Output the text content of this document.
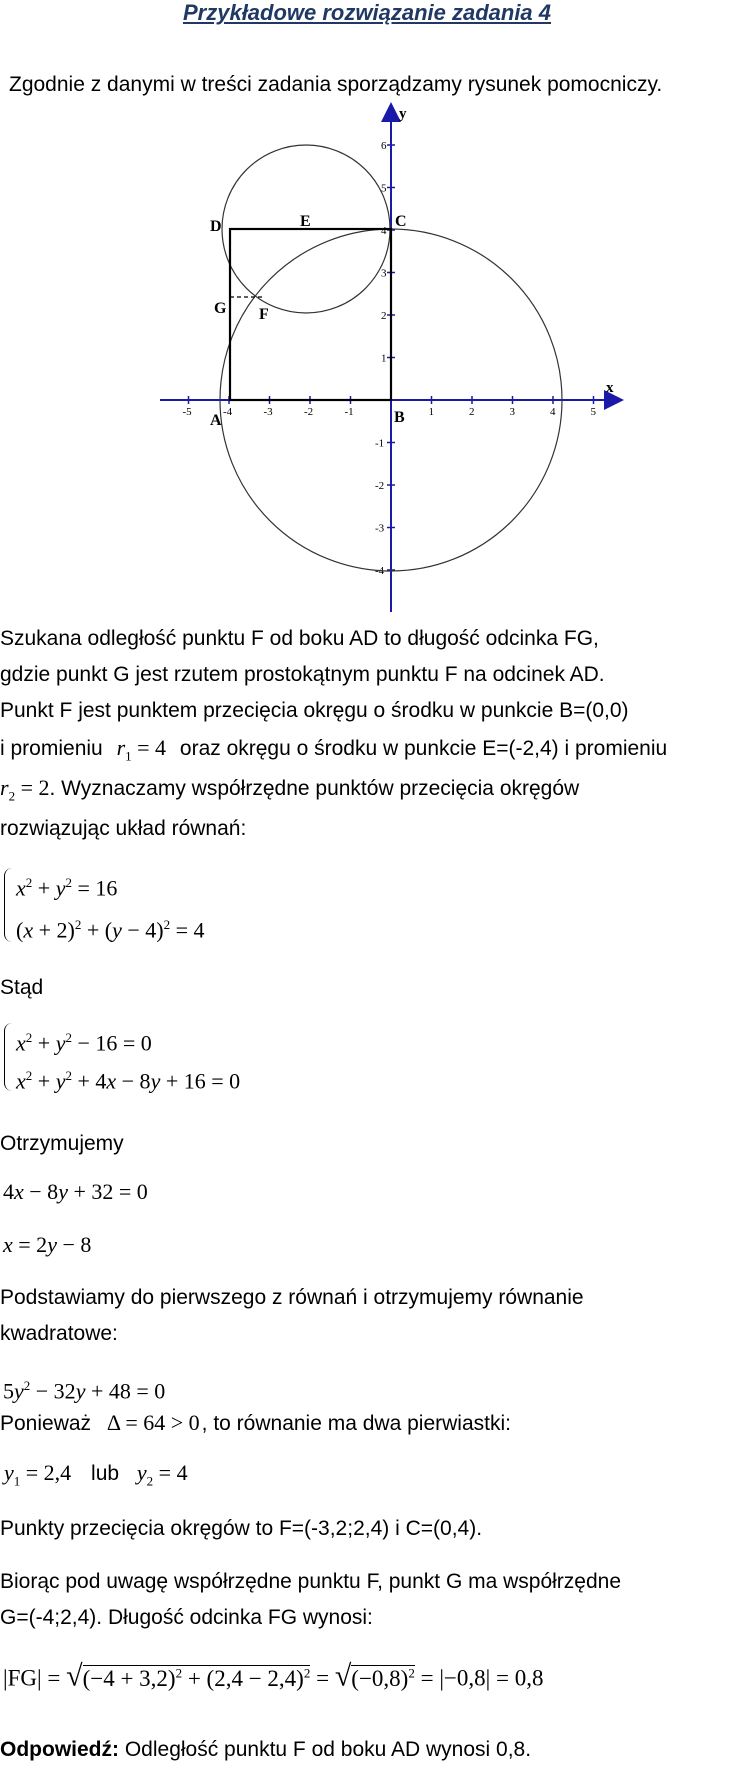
Przykładowe rozwiązanie zadania 4
Zgodnie z danymi w treści zadania sporządzamy rysunek pomocniczy.
-5	-4	-3	-2	-1	1	2	3	4	5
6
5
4
3
2
1
-1
-2
-3
-4
x
y
A	B
C
D	E
F
G
Szukana odległość punktu F od boku AD to długość odcinka FG,
gdzie punkt G jest rzutem prostokątnym punktu F na odcinek AD.
Punkt F jest punktem przecięcia okręgu o środku w punkcie B=(0,0)
i promieniu $r_1 = 4$ oraz okręgu o środku w punkcie E=(-2,4) i promieniu
$r_2 = 2$. Wyznaczamy współrzędne punktów przecięcia okręgów
rozwiązując układ równań:
$x^2 + y^2 = 16$
$(x + 2)^2 + (y - 4)^2 = 4$
Stąd
$x^2 + y^2 - 16 = 0$
$x^2 + y^2 + 4x - 8y + 16 = 0$
Otrzymujemy
4x − 8y + 32 = 0
x = 2y − 8
Podstawiamy do pierwszego z równań i otrzymujemy równanie
kwadratowe:
$5y^2 - 32y + 48 = 0$
Ponieważ Δ = 64 > 0, to równanie ma dwa pierwiastki:
$y_1 = 2,4$ lub $y_2 = 4$
Punkty przecięcia okręgów to F=(-3,2;2,4) i C=(0,4).
Biorąc pod uwagę współrzędne punktu F, punkt G ma współrzędne
G=(-4;2,4). Długość odcinka FG wynosi:
$|FG| = √(-4 + 3,2)^2 + (2,4 - 2,4)^2 = √(-0,8)^2 = |-0,8| = 0,8$
Odpowiedź: Odległość punktu F od boku AD wynosi 0,8.
